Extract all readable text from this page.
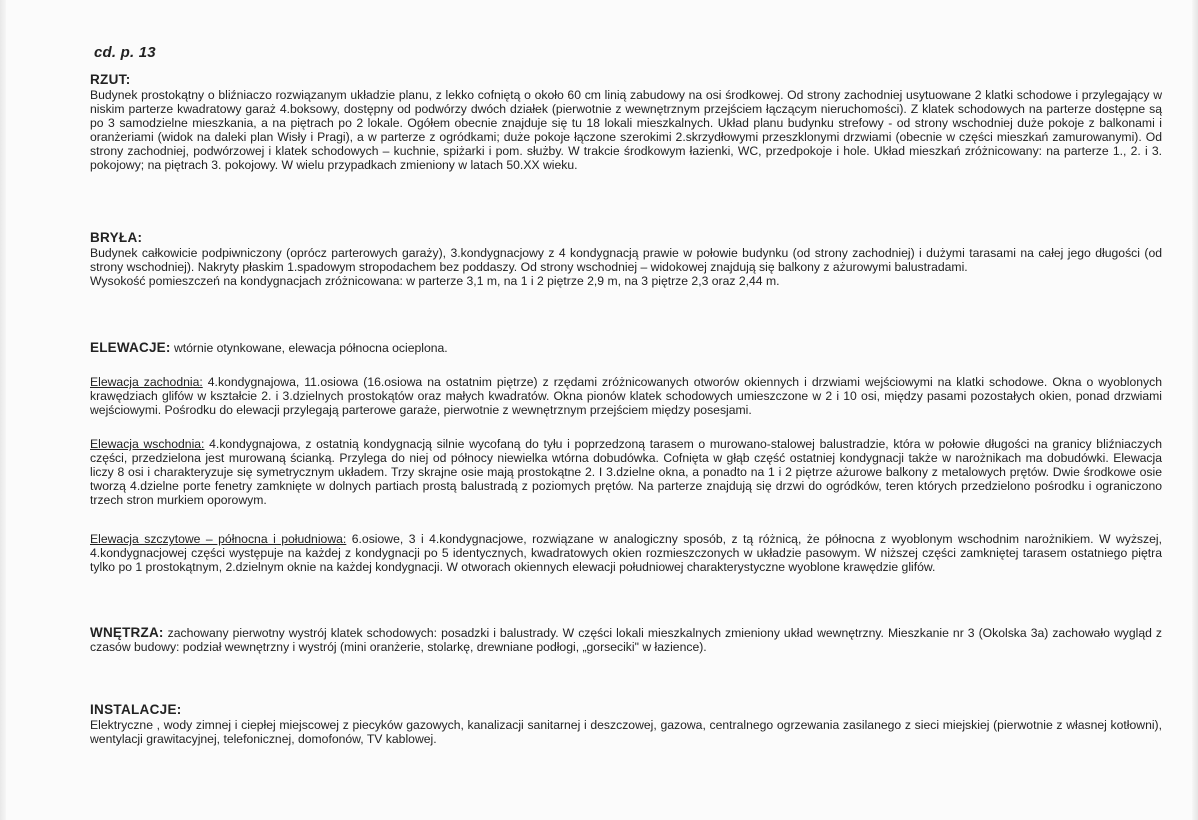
cd. p. 13
RZUT:

Budynek prostokątny o bliźniaczo rozwiązanym układzie planu, z lekko cofniętą o około 60 cm linią zabudowy na osi środkowej. Od strony zachodniej usytuowane 2 klatki schodowe i przylegający w niskim parterze kwadratowy garaż 4.boksowy, dostępny od podwórzy dwóch działek (pierwotnie z wewnętrznym przejściem łączącym nieruchomości). Z klatek schodowych na parterze dostępne są po 3 samodzielne mieszkania, a na piętrach po 2 lokale. Ogółem obecnie znajduje się tu 18 lokali mieszkalnych. Układ planu budynku strefowy - od strony wschodniej duże pokoje z balkonami i oranżeriami (widok na daleki plan Wisły i Pragi), a w parterze z ogródkami; duże pokoje łączone szerokimi 2.skrzydłowymi przeszklonymi drzwiami (obecnie w części mieszkań zamurowanymi). Od strony zachodniej, podwórzowej i klatek schodowych – kuchnie, spiżarki i pom. służby. W trakcie środkowym łazienki, WC, przedpokoje i hole. Układ mieszkań zróżnicowany: na parterze 1., 2. i 3. pokojowy; na piętrach 3. pokojowy. W wielu przypadkach zmieniony w latach 50.XX wieku.

BRYŁA:

Budynek całkowicie podpiwniczony (oprócz parterowych garaży), 3.kondygnacjowy z 4 kondygnacją prawie w połowie budynku (od strony zachodniej) i dużymi tarasami na całej jego długości (od strony wschodniej). Nakryty płaskim 1.spadowym stropodachem bez poddaszy. Od strony wschodniej – widokowej znajdują się balkony z ażurowymi balustradami.

Wysokość pomieszczeń na kondygnacjach zróżnicowana: w parterze 3,1 m, na 1 i 2 piętrze 2,9 m, na 3 piętrze 2,3 oraz 2,44 m.

ELEWACJE: wtórnie otynkowane, elewacja północna ocieplona.

Elewacja zachodnia: 4.kondygnajowa, 11.osiowa (16.osiowa na ostatnim piętrze) z rzędami zróżnicowanych otworów okiennych i drzwiami wejściowymi na klatki schodowe. Okna o wyoblonych krawędziach glifów w kształcie 2. i 3.dzielnych prostokątów oraz małych kwadratów. Okna pionów klatek schodowych umieszczone w 2 i 10 osi, między pasami pozostałych okien, ponad drzwiami wejściowymi. Pośrodku do elewacji przylegają parterowe garaże, pierwotnie z wewnętrznym przejściem między posesjami.

Elewacja wschodnia: 4.kondygnajowa, z ostatnią kondygnacją silnie wycofaną do tyłu i poprzedzoną tarasem o murowano-stalowej balustradzie, która w połowie długości na granicy bliźniaczych części, przedzielona jest murowaną ścianką. Przylega do niej od północy niewielka wtórna dobudówka. Cofnięta w głąb część ostatniej kondygnacji także w narożnikach ma dobudówki. Elewacja liczy 8 osi i charakteryzuje się symetrycznym układem. Trzy skrajne osie mają prostokątne 2. I 3.dzielne okna, a ponadto na 1 i 2 piętrze ażurowe balkony z metalowych prętów. Dwie środkowe osie tworzą 4.dzielne porte fenetry zamknięte w dolnych partiach prostą balustradą z poziomych prętów. Na parterze znajdują się drzwi do ogródków, teren których przedzielono pośrodku i ograniczono trzech stron murkiem oporowym.

Elewacja szczytowe – północna i południowa: 6.osiowe, 3 i 4.kondygnacjowe, rozwiązane w analogiczny sposób, z tą różnicą, że północna z wyoblonym wschodnim narożnikiem. W wyższej, 4.kondygnacjowej części występuje na każdej z kondygnacji po 5 identycznych, kwadratowych okien rozmieszczonych w układzie pasowym. W niższej części zamkniętej tarasem ostatniego piętra tylko po 1 prostokątnym, 2.dzielnym oknie na każdej kondygnacji. W otworach okiennych elewacji południowej charakterystyczne wyoblone krawędzie glifów.

WNĘTRZA: zachowany pierwotny wystrój klatek schodowych: posadzki i balustrady. W części lokali mieszkalnych zmieniony układ wewnętrzny. Mieszkanie nr 3 (Okolska 3a) zachowało wygląd z czasów budowy: podział wewnętrzny i wystrój (mini oranżerie, stolarkę, drewniane podłogi, „gorseciki" w łazience).

INSTALACJE:

Elektryczne , wody zimnej i ciepłej miejscowej z piecyków gazowych, kanalizacji sanitarnej i deszczowej, gazowa, centralnego ogrzewania zasilanego z sieci miejskiej (pierwotnie z własnej kotłowni), wentylacji grawitacyjnej, telefonicznej, domofonów, TV kablowej.
